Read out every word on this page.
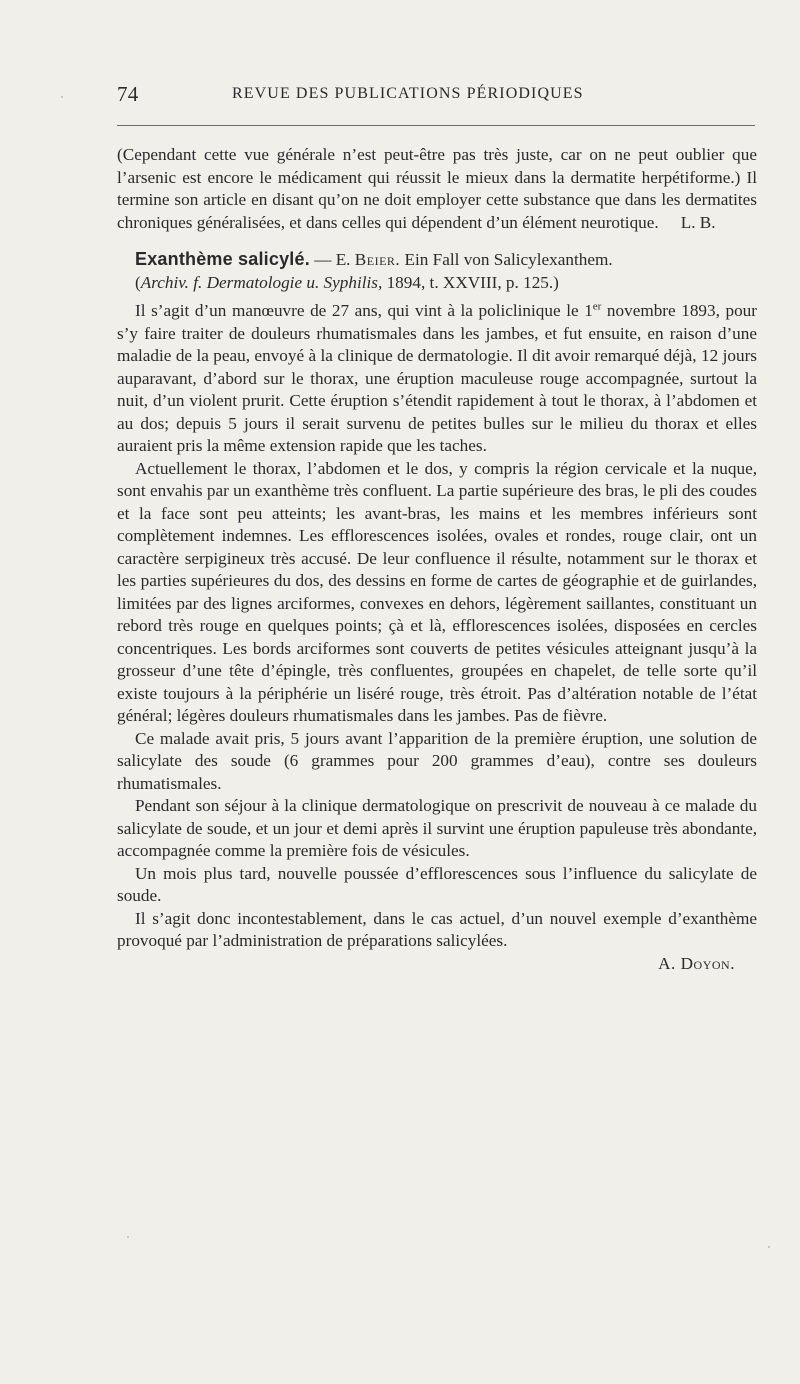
74	REVUE DES PUBLICATIONS PÉRIODIQUES

(Cependant cette vue générale n’est peut-être pas très juste, car on ne peut oublier que l’arsenic est encore le médicament qui réussit le mieux dans la dermatite herpétiforme.) Il termine son article en disant qu’on ne doit employer cette substance que dans les dermatites chroniques généralisées, et dans celles qui dépendent d’un élément neurotique. L. B.

Exanthème salicylé. — E. Beier. Ein Fall von Salicylexanthem.

(Archiv. f. Dermatologie u. Syphilis, 1894, t. XXVIII, p. 125.)

Il s’agit d’un manœuvre de 27 ans, qui vint à la policlinique le 1er novembre 1893, pour s’y faire traiter de douleurs rhumatismales dans les jambes, et fut ensuite, en raison d’une maladie de la peau, envoyé à la clinique de dermatologie. Il dit avoir remarqué déjà, 12 jours auparavant, d’abord sur le thorax, une éruption maculeuse rouge accompagnée, surtout la nuit, d’un violent prurit. Cette éruption s’étendit rapidement à tout le thorax, à l’abdomen et au dos; depuis 5 jours il serait survenu de petites bulles sur le milieu du thorax et elles auraient pris la même extension rapide que les taches.

Actuellement le thorax, l’abdomen et le dos, y compris la région cervicale et la nuque, sont envahis par un exanthème très confluent. La partie supérieure des bras, le pli des coudes et la face sont peu atteints; les avant-bras, les mains et les membres inférieurs sont complètement indemnes. Les efflorescences isolées, ovales et rondes, rouge clair, ont un caractère serpigineux très accusé. De leur confluence il résulte, notamment sur le thorax et les parties supérieures du dos, des dessins en forme de cartes de géographie et de guirlandes, limitées par des lignes arciformes, convexes en dehors, légèrement saillantes, constituant un rebord très rouge en quelques points; çà et là, efflorescences isolées, disposées en cercles concentriques. Les bords arciformes sont couverts de petites vésicules atteignant jusqu’à la grosseur d’une tête d’épingle, très confluentes, groupées en chapelet, de telle sorte qu’il existe toujours à la périphérie un liséré rouge, très étroit. Pas d’altération notable de l’état général; légères douleurs rhumatismales dans les jambes. Pas de fièvre.

Ce malade avait pris, 5 jours avant l’apparition de la première éruption, une solution de salicylate des soude (6 grammes pour 200 grammes d’eau), contre ses douleurs rhumatismales.

Pendant son séjour à la clinique dermatologique on prescrivit de nouveau à ce malade du salicylate de soude, et un jour et demi après il survint une éruption papuleuse très abondante, accompagnée comme la première fois de vésicules.

Un mois plus tard, nouvelle poussée d’efflorescences sous l’influence du salicylate de soude.

Il s’agit donc incontestablement, dans le cas actuel, d’un nouvel exemple d’exanthème provoqué par l’administration de préparations salicylées.

A. Doyon.
